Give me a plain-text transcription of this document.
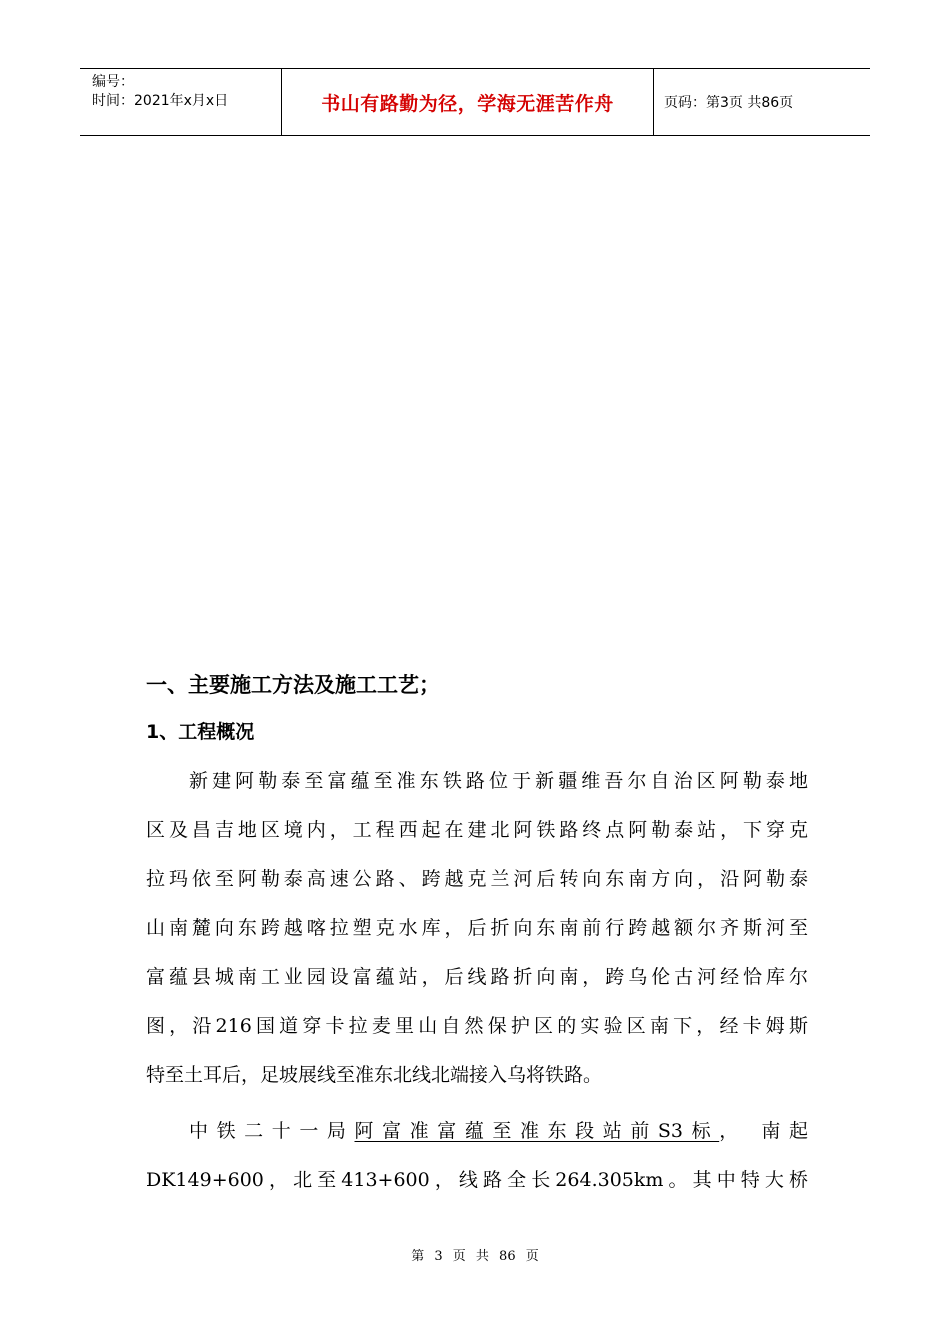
编号：
时间：2021年x月x日	书山有路勤为径，学海无涯苦作舟	页码：第3页 共86页
一、主要施工方法及施工工艺；
1、工程概况
新建阿勒泰至富蕴至准东铁路位于新疆维吾尔自治区阿勒泰地
区及昌吉地区境内，工程西起在建北阿铁路终点阿勒泰站，下穿克
拉玛依至阿勒泰高速公路、跨越克兰河后转向东南方向，沿阿勒泰
山南麓向东跨越喀拉塑克水库，后折向东南前行跨越额尔齐斯河至
富蕴县城南工业园设富蕴站，后线路折向南，跨乌伦古河经恰库尔
图，沿216国道穿卡拉麦里山自然保护区的实验区南下，经卡姆斯
特至土耳后，足坡展线至准东北线北端接入乌将铁路。
中铁二十一局阿富准富蕴至准东段站前S3标， 南起
DK149+600，北至413+600，线路全长264.305km。其中特大桥
第 3 页 共 86 页
